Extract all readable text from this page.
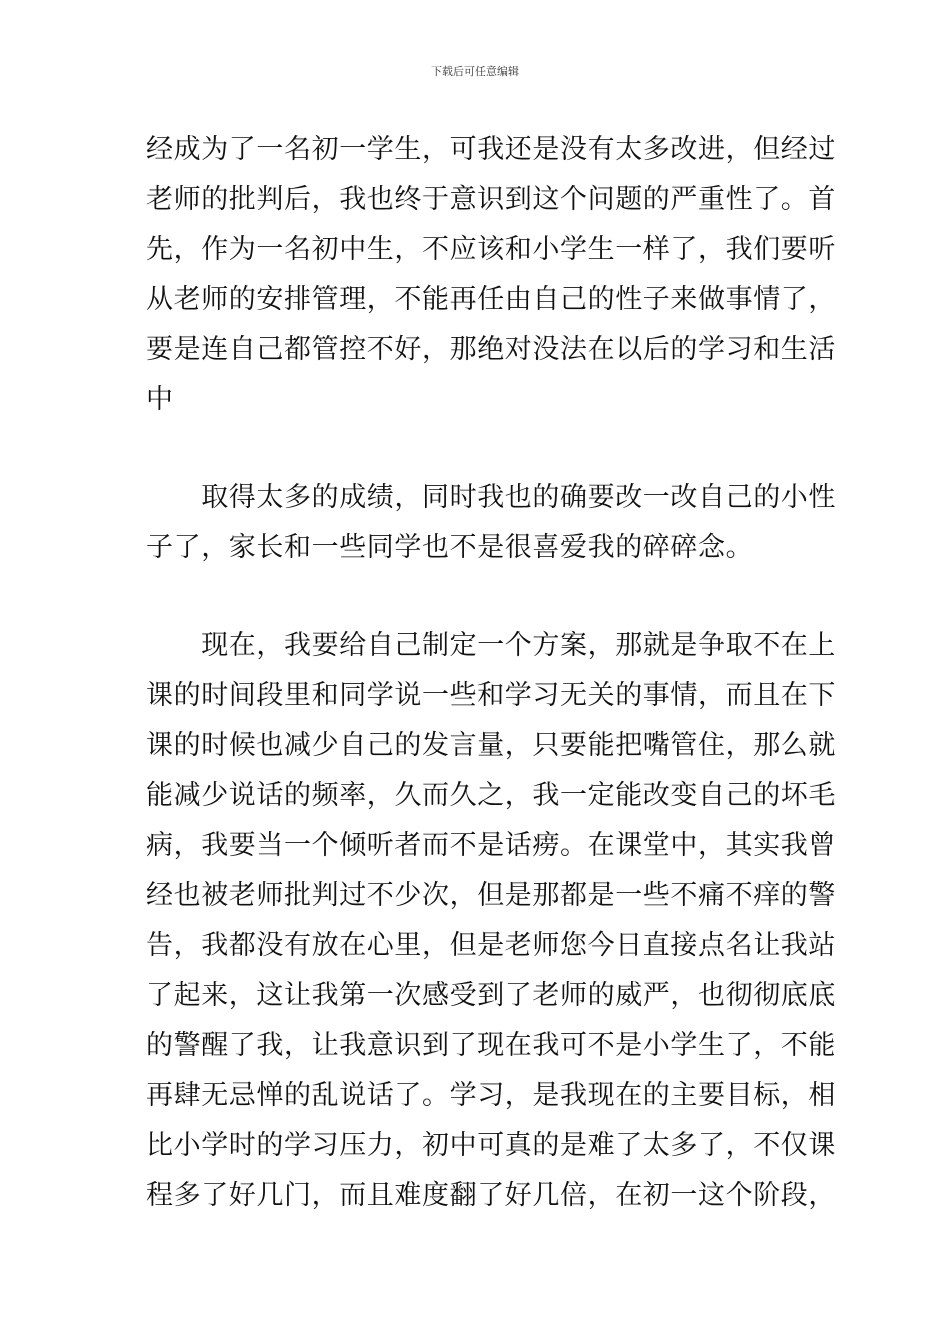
下载后可任意编辑
经成为了一名初一学生，可我还是没有太多改进，但经过
老师的批判后，我也终于意识到这个问题的严重性了。首
先，作为一名初中生，不应该和小学生一样了，我们要听
从老师的安排管理，不能再任由自己的性子来做事情了，
要是连自己都管控不好，那绝对没法在以后的学习和生活
中
　　取得太多的成绩，同时我也的确要改一改自己的小性
子了，家长和一些同学也不是很喜爱我的碎碎念。
　　现在，我要给自己制定一个方案，那就是争取不在上
课的时间段里和同学说一些和学习无关的事情，而且在下
课的时候也减少自己的发言量，只要能把嘴管住，那么就
能减少说话的频率，久而久之，我一定能改变自己的坏毛
病，我要当一个倾听者而不是话痨。在课堂中，其实我曾
经也被老师批判过不少次，但是那都是一些不痛不痒的警
告，我都没有放在心里，但是老师您今日直接点名让我站
了起来，这让我第一次感受到了老师的威严，也彻彻底底
的警醒了我，让我意识到了现在我可不是小学生了，不能
再肆无忌惮的乱说话了。学习，是我现在的主要目标，相
比小学时的学习压力，初中可真的是难了太多了，不仅课
程多了好几门，而且难度翻了好几倍，在初一这个阶段，
